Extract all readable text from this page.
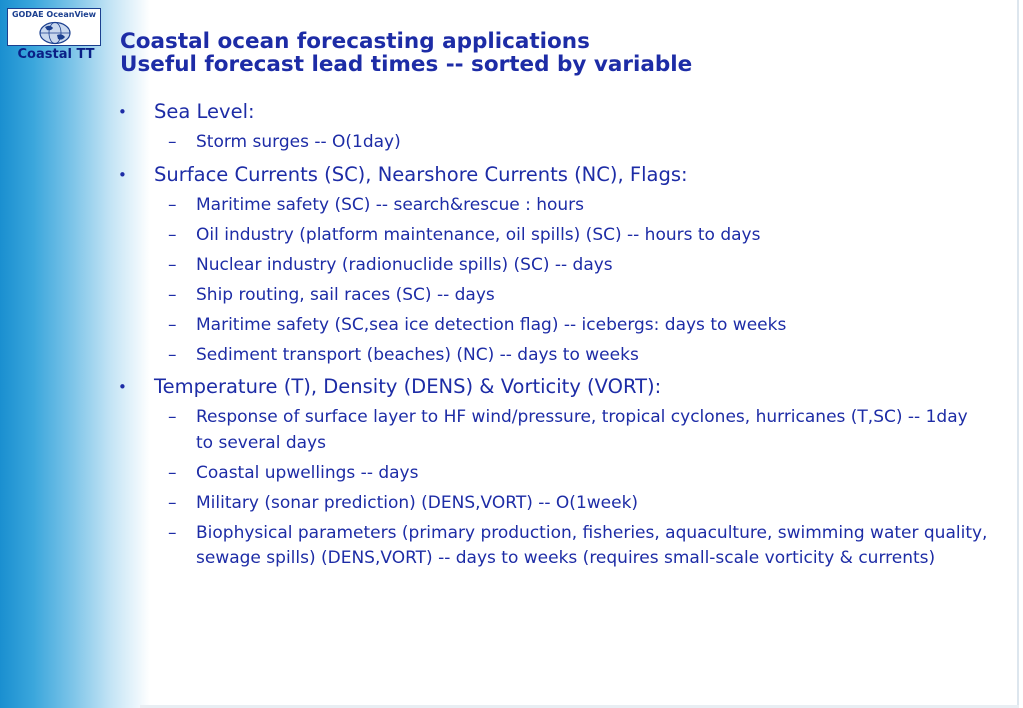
GODAE OceanView
Coastal TT
Coastal ocean forecasting applications
Useful forecast lead times -- sorted by variable
• Sea Level:
– Storm surges -- O(1day)
• Surface Currents (SC), Nearshore Currents (NC), Flags:
– Maritime safety (SC) -- search&rescue : hours
– Oil industry (platform maintenance, oil spills) (SC) -- hours to days
– Nuclear industry (radionuclide spills) (SC) -- days
– Ship routing, sail races (SC) -- days
– Maritime safety (SC,sea ice detection flag) -- icebergs: days to weeks
– Sediment transport (beaches) (NC) -- days to weeks
• Temperature (T), Density (DENS) & Vorticity (VORT):
– Response of surface layer to HF wind/pressure, tropical cyclones, hurricanes (T,SC) -- 1day to several days
– Coastal upwellings -- days
– Military (sonar prediction) (DENS,VORT) -- O(1week)
– Biophysical parameters (primary production, fisheries, aquaculture, swimming water quality, sewage spills) (DENS,VORT) -- days to weeks (requires small-scale vorticity & currents)
